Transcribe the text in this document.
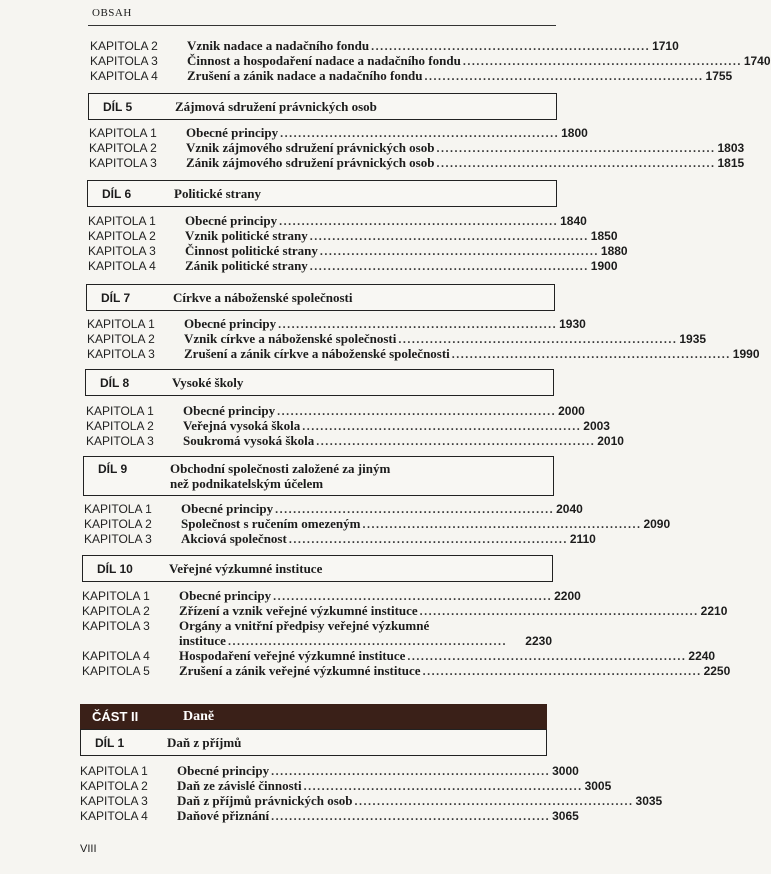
OBSAH
KAPITOLA 2	Vznik nadace a nadačního fondu .............................................................. 1710
KAPITOLA 3	Činnost a hospodaření nadace a nadačního fondu .............................................................. 1740
KAPITOLA 4	Zrušení a zánik nadace a nadačního fondu .............................................................. 1755
DÍL 5	Zájmová sdružení právnických osob
KAPITOLA 1	Obecné principy .............................................................. 1800
KAPITOLA 2	Vznik zájmového sdružení právnických osob .............................................................. 1803
KAPITOLA 3	Zánik zájmového sdružení právnických osob .............................................................. 1815
DÍL 6	Politické strany
KAPITOLA 1	Obecné principy .............................................................. 1840
KAPITOLA 2	Vznik politické strany .............................................................. 1850
KAPITOLA 3	Činnost politické strany .............................................................. 1880
KAPITOLA 4	Zánik politické strany .............................................................. 1900
DÍL 7	Církve a náboženské společnosti
KAPITOLA 1	Obecné principy .............................................................. 1930
KAPITOLA 2	Vznik církve a náboženské společnosti .............................................................. 1935
KAPITOLA 3	Zrušení a zánik církve a náboženské společnosti .............................................................. 1990
DÍL 8	Vysoké školy
KAPITOLA 1	Obecné principy .............................................................. 2000
KAPITOLA 2	Veřejná vysoká škola .............................................................. 2003
KAPITOLA 3	Soukromá vysoká škola .............................................................. 2010
DÍL 9	Obchodní společnosti založené za jiným
než podnikatelským účelem
KAPITOLA 1	Obecné principy .............................................................. 2040
KAPITOLA 2	Společnost s ručením omezeným .............................................................. 2090
KAPITOLA 3	Akciová společnost .............................................................. 2110
DÍL 10	Veřejné výzkumné instituce
KAPITOLA 1	Obecné principy .............................................................. 2200
KAPITOLA 2	Zřízení a vznik veřejné výzkumné instituce .............................................................. 2210
KAPITOLA 3	Orgány a vnitřní předpisy veřejné výzkumné
instituce ..............................................................	2230
KAPITOLA 4	Hospodaření veřejné výzkumné instituce .............................................................. 2240
KAPITOLA 5	Zrušení a zánik veřejné výzkumné instituce .............................................................. 2250
ČÁST II	Daně
DÍL 1	Daň z příjmů
KAPITOLA 1	Obecné principy .............................................................. 3000
KAPITOLA 2	Daň ze závislé činnosti .............................................................. 3005
KAPITOLA 3	Daň z příjmů právnických osob .............................................................. 3035
KAPITOLA 4	Daňové přiznání .............................................................. 3065
VIII
